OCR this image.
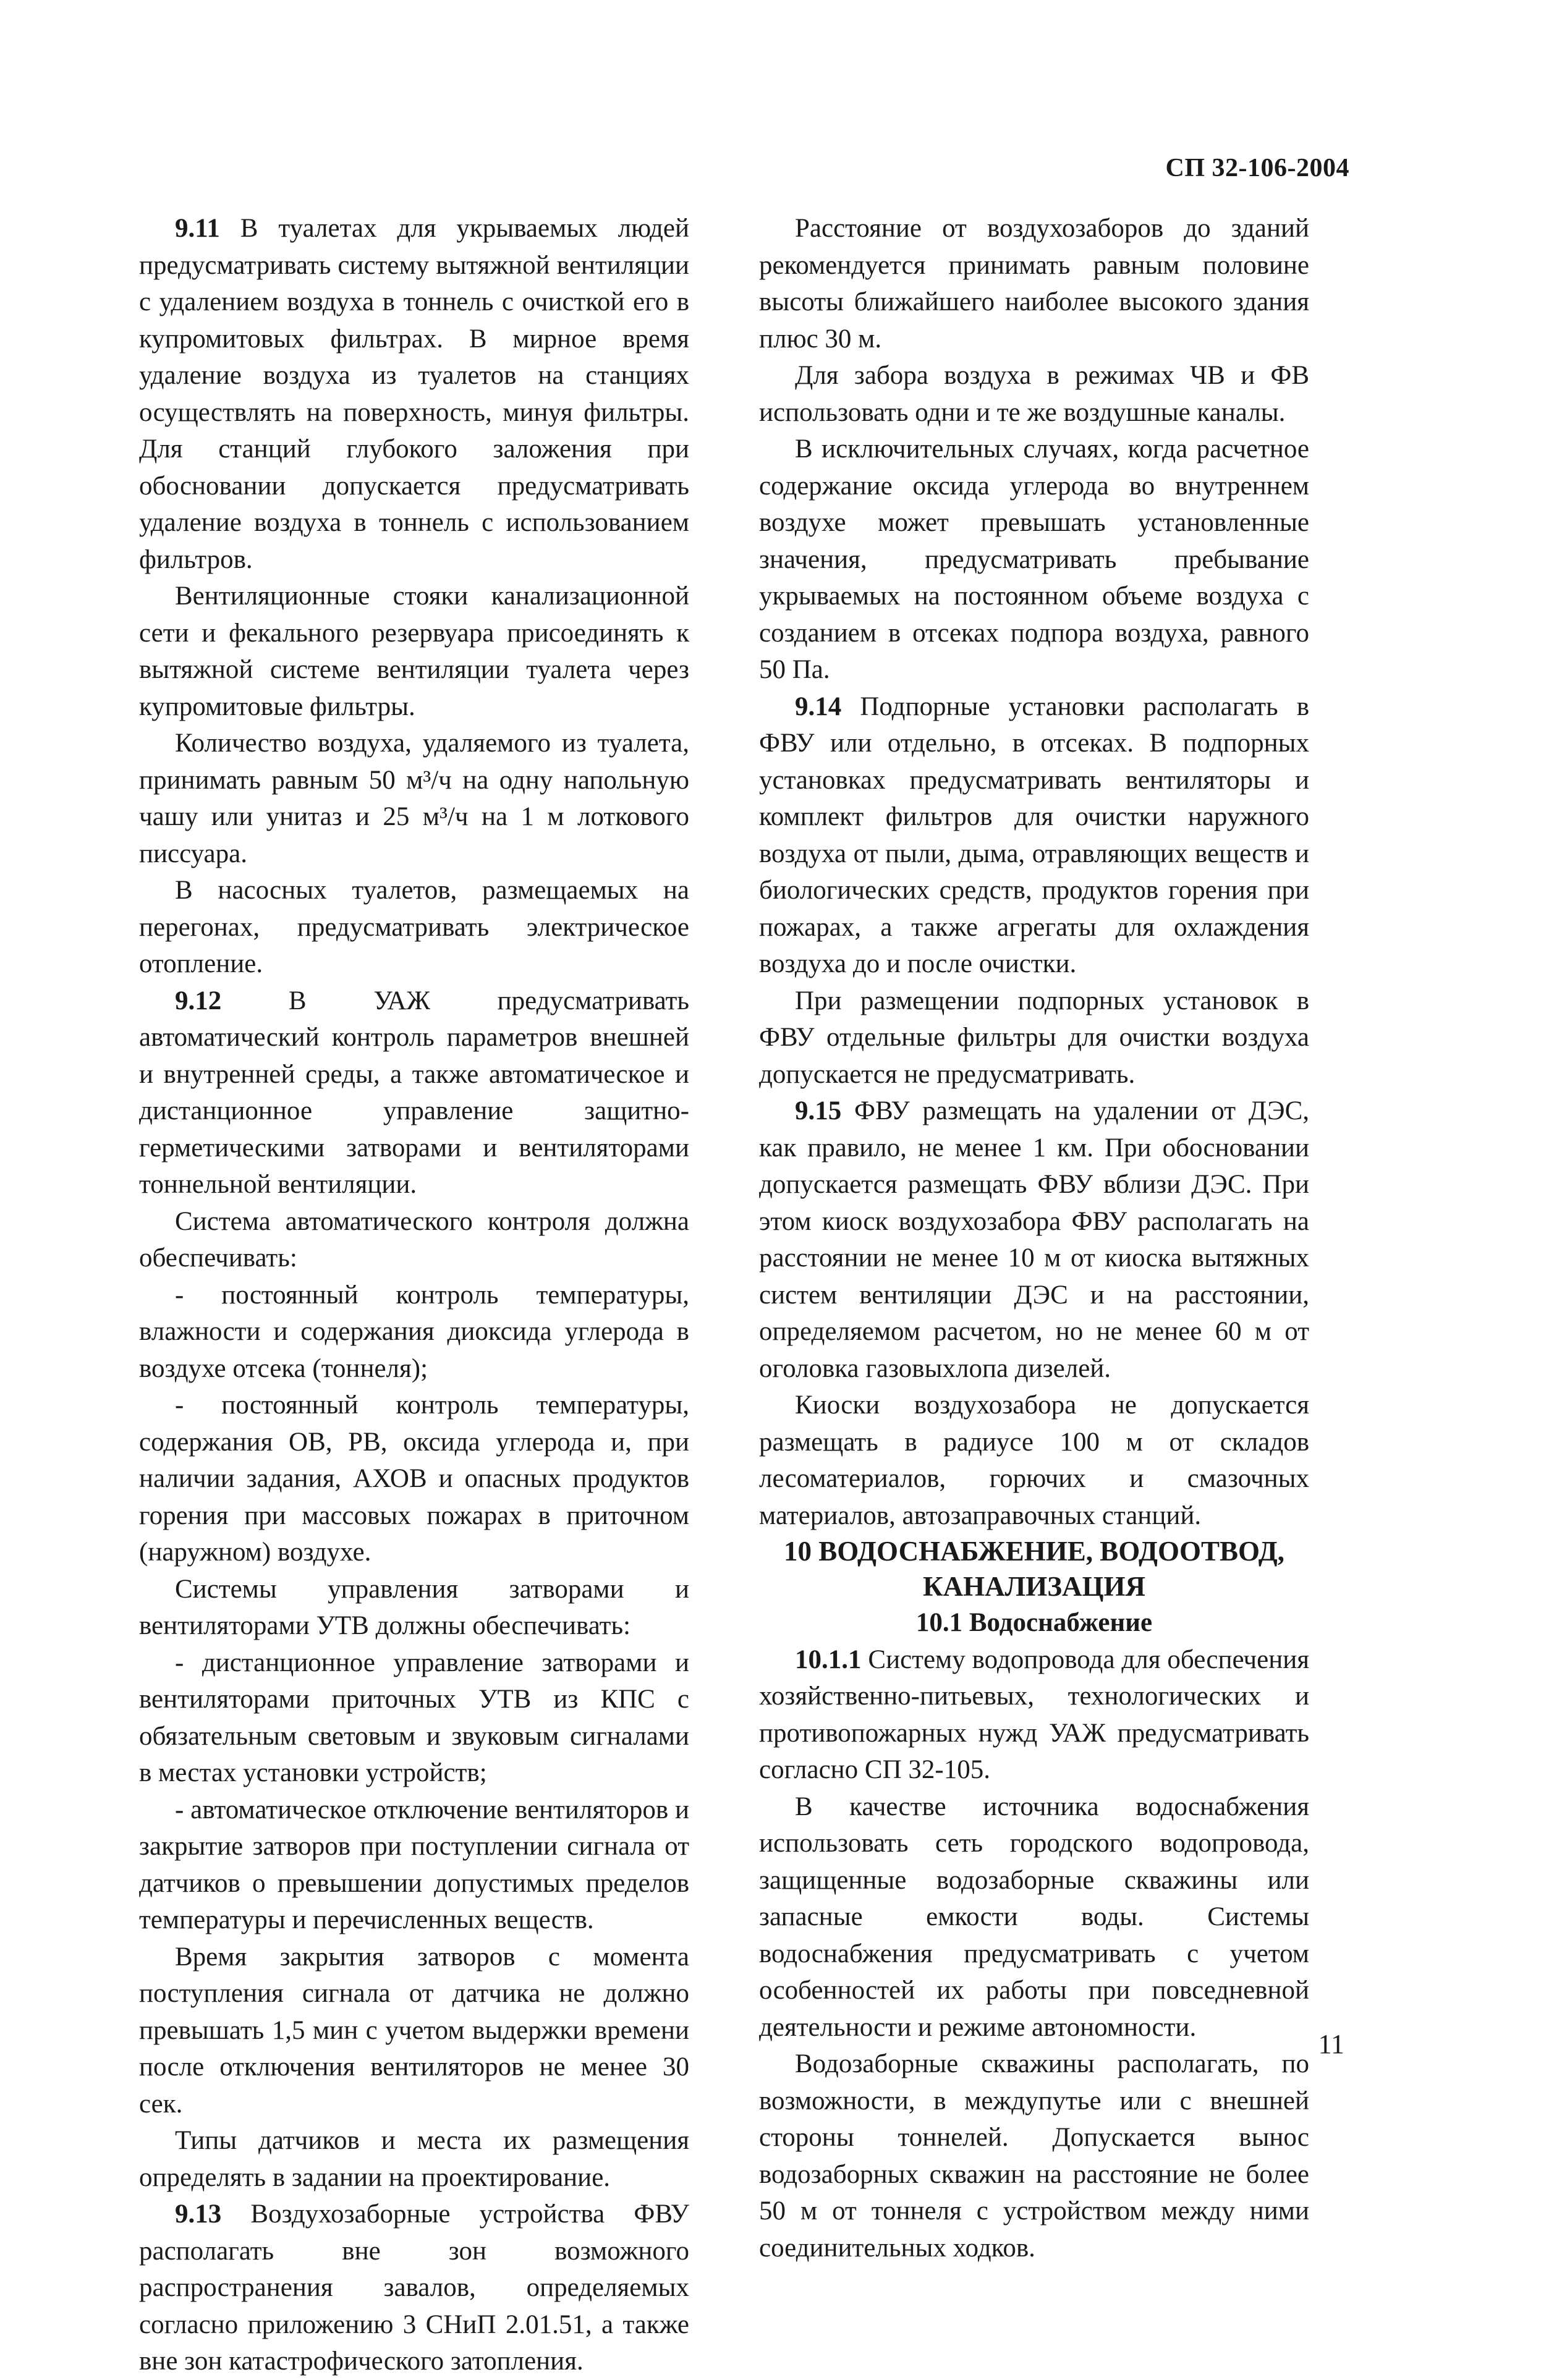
СП 32-106-2004

9.11 В туалетах для укрываемых людей предусматривать систему вытяжной вентиляции с удалением воздуха в тоннель с очисткой его в купромитовых фильтрах. В мирное время удаление воздуха из туалетов на станциях осуществлять на поверхность, минуя фильтры. Для станций глубокого заложения при обосновании допускается предусматривать удаление воздуха в тоннель с использованием фильтров.

Вентиляционные стояки канализационной сети и фекального резервуара присоединять к вытяжной системе вентиляции туалета через купромитовые фильтры.

Количество воздуха, удаляемого из туалета, принимать равным 50 м³/ч на одну напольную чашу или унитаз и 25 м³/ч на 1 м лоткового писсуара.

В насосных туалетов, размещаемых на перегонах, предусматривать электрическое отопление.

9.12 В УАЖ предусматривать автоматический контроль параметров внешней и внутренней среды, а также автоматическое и дистанционное управление защитно-герметическими затворами и вентиляторами тоннельной вентиляции.

Система автоматического контроля должна обеспечивать:

- постоянный контроль температуры, влажности и содержания диоксида углерода в воздухе отсека (тоннеля);

- постоянный контроль температуры, содержания ОВ, РВ, оксида углерода и, при наличии задания, АХОВ и опасных продуктов горения при массовых пожарах в приточном (наружном) воздухе.

Системы управления затворами и вентиляторами УТВ должны обеспечивать:

- дистанционное управление затворами и вентиляторами приточных УТВ из КПС с обязательным световым и звуковым сигналами в местах установки устройств;

- автоматическое отключение вентиляторов и закрытие затворов при поступлении сигнала от датчиков о превышении допустимых пределов температуры и перечисленных веществ.

Время закрытия затворов с момента поступления сигнала от датчика не должно превышать 1,5 мин с учетом выдержки времени после отключения вентиляторов не менее 30 сек.

Типы датчиков и места их размещения определять в задании на проектирование.

9.13 Воздухозаборные устройства ФВУ располагать вне зон возможного распространения завалов, определяемых согласно приложению 3 СНиП 2.01.51, а также вне зон катастрофического затопления.

Расстояние от воздухозаборов до зданий рекомендуется принимать равным половине высоты ближайшего наиболее высокого здания плюс 30 м.

Для забора воздуха в режимах ЧВ и ФВ использовать одни и те же воздушные каналы.

В исключительных случаях, когда расчетное содержание оксида углерода во внутреннем воздухе может превышать установленные значения, предусматривать пребывание укрываемых на постоянном объеме воздуха с созданием в отсеках подпора воздуха, равного 50 Па.

9.14 Подпорные установки располагать в ФВУ или отдельно, в отсеках. В подпорных установках предусматривать вентиляторы и комплект фильтров для очистки наружного воздуха от пыли, дыма, отравляющих веществ и биологических средств, продуктов горения при пожарах, а также агрегаты для охлаждения воздуха до и после очистки.

При размещении подпорных установок в ФВУ отдельные фильтры для очистки воздуха допускается не предусматривать.

9.15 ФВУ размещать на удалении от ДЭС, как правило, не менее 1 км. При обосновании допускается размещать ФВУ вблизи ДЭС. При этом киоск воздухозабора ФВУ располагать на расстоянии не менее 10 м от киоска вытяжных систем вентиляции ДЭС и на расстоянии, определяемом расчетом, но не менее 60 м от оголовка газовыхлопа дизелей.

Киоски воздухозабора не допускается размещать в радиусе 100 м от складов лесоматериалов, горючих и смазочных материалов, автозаправочных станций.

10 ВОДОСНАБЖЕНИЕ, ВОДООТВОД,
КАНАЛИЗАЦИЯ

10.1 Водоснабжение

10.1.1 Систему водопровода для обеспечения хозяйственно-питьевых, технологических и противопожарных нужд УАЖ предусматривать согласно СП 32-105.

В качестве источника водоснабжения использовать сеть городского водопровода, защищенные водозаборные скважины или запасные емкости воды. Системы водоснабжения предусматривать с учетом особенностей их работы при повседневной деятельности и режиме автономности.

Водозаборные скважины располагать, по возможности, в междупутье или с внешней стороны тоннелей. Допускается вынос водозаборных скважин на расстояние не более 50 м от тоннеля с устройством между ними соединительных ходков.

11
